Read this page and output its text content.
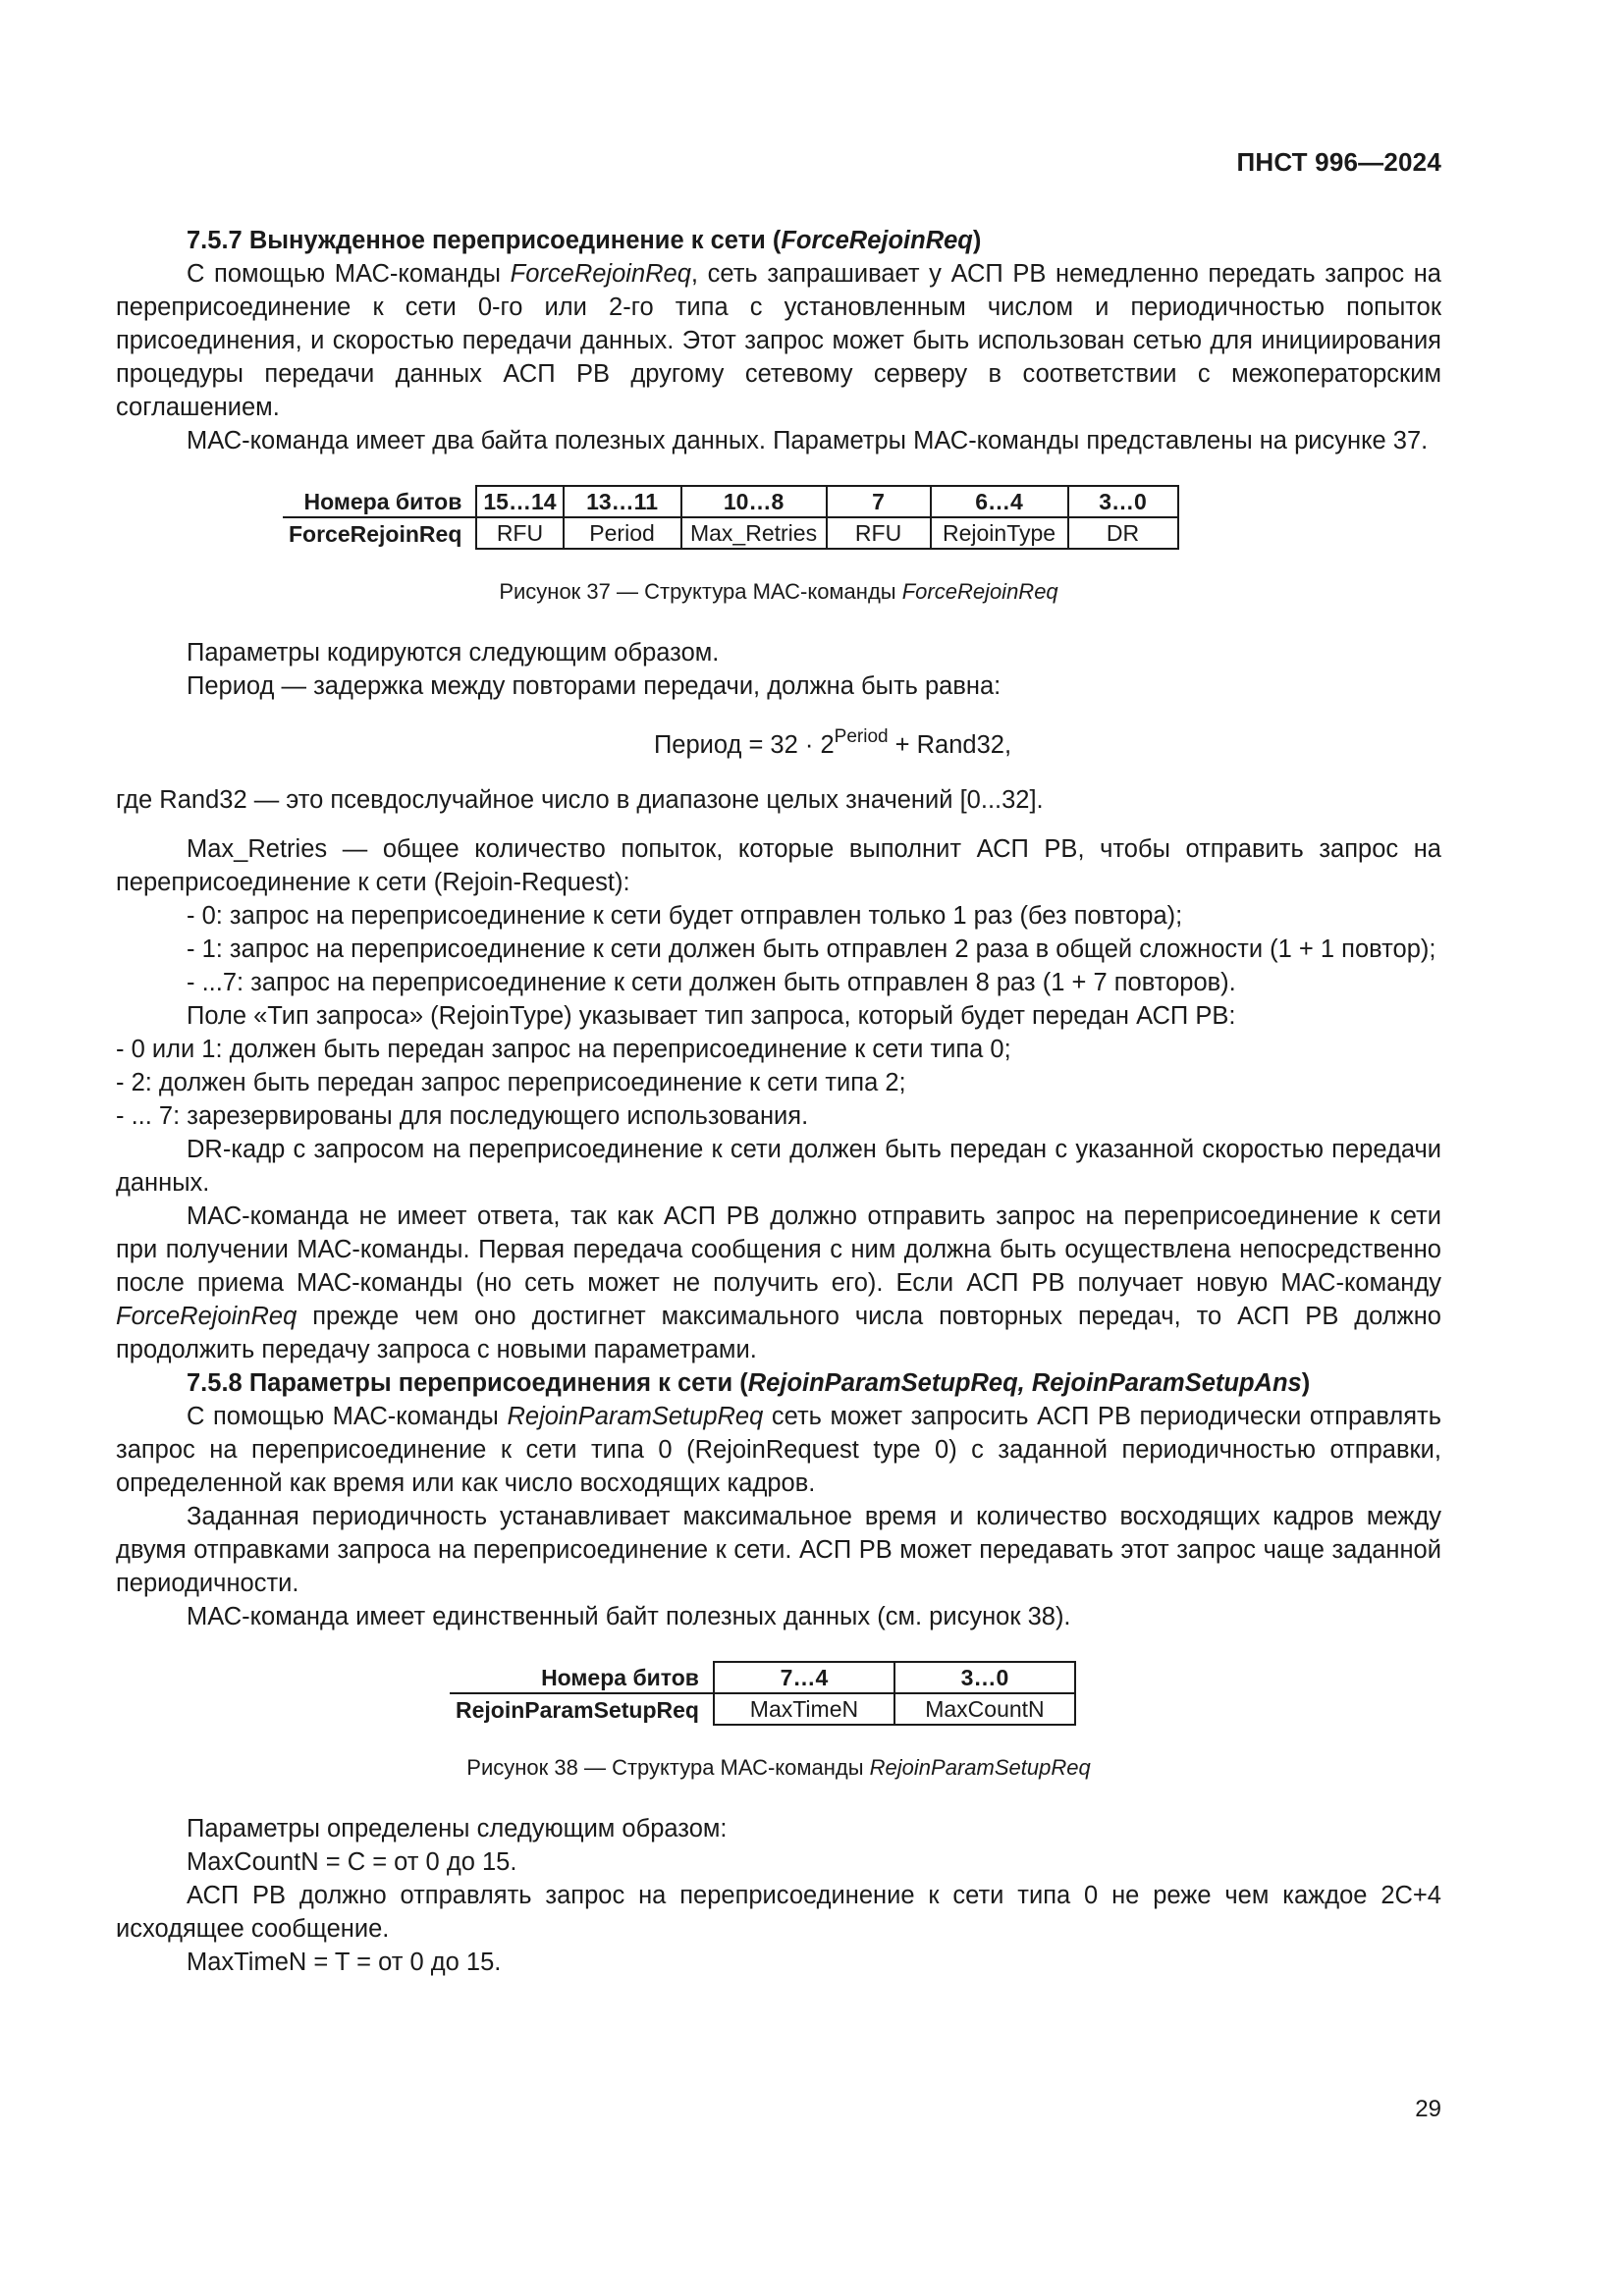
ПНСТ 996—2024

7.5.7 Вынужденное переприсоединение к сети (ForceRejoinReq)

С помощью МАС-команды ForceRejoinReq, сеть запрашивает у АСП РВ немедленно передать запрос на переприсоединение к сети 0-го или 2-го типа с установленным числом и периодичностью попыток присоединения, и скоростью передачи данных. Этот запрос может быть использован сетью для инициирования процедуры передачи данных АСП РВ другому сетевому серверу в соответствии с межоператорским соглашением.

МАС-команда имеет два байта полезных данных. Параметры МАС-команды представлены на рисунке 37.

Номера битов	15…14	13…11	10…8	7	6…4	3…0
ForceRejoinReq	RFU	Period	Max_Retries	RFU	RejoinType	DR
Рисунок 37 — Структура МАС-команды ForceRejoinReq

Параметры кодируются следующим образом.

Период — задержка между повторами передачи, должна быть равна:

Период = $32 \cdot 2^{Period}$ + Rand32,

где Rand32 — это псевдослучайное число в диапазоне целых значений [0...32].

Max_Retries — общее количество попыток, которые выполнит АСП РВ, чтобы отправить запрос на переприсоединение к сети (Rejoin-Request):

- 0: запрос на переприсоединение к сети будет отправлен только 1 раз (без повтора);

- 1: запрос на переприсоединение к сети должен быть отправлен 2 раза в общей сложности (1 + 1 повтор);

- ...7: запрос на переприсоединение к сети должен быть отправлен 8 раз (1 + 7 повторов).

Поле «Тип запроса» (RejoinType) указывает тип запроса, который будет передан АСП РВ:

- 0 или 1: должен быть передан запрос на переприсоединение к сети типа 0;

- 2: должен быть передан запрос переприсоединение к сети типа 2;

- ... 7: зарезервированы для последующего использования.

DR-кадр с запросом на переприсоединение к сети должен быть передан с указанной скоростью передачи данных.

МАС-команда не имеет ответа, так как АСП РВ должно отправить запрос на переприсоединение к сети при получении МАС-команды. Первая передача сообщения с ним должна быть осуществлена непосредственно после приема МАС-команды (но сеть может не получить его). Если АСП РВ получает новую МАС-команду ForceRejoinReq прежде чем оно достигнет максимального числа повторных передач, то АСП РВ должно продолжить передачу запроса с новыми параметрами.

7.5.8 Параметры переприсоединения к сети (RejoinParamSetupReq, RejoinParamSetupAns)

С помощью МАС-команды RejoinParamSetupReq сеть может запросить АСП РВ периодически отправлять запрос на переприсоединение к сети типа 0 (RejoinRequest type 0) с заданной периодичностью отправки, определенной как время или как число восходящих кадров.

Заданная периодичность устанавливает максимальное время и количество восходящих кадров между двумя отправками запроса на переприсоединение к сети. АСП РВ может передавать этот запрос чаще заданной периодичности.

МАС-команда имеет единственный байт полезных данных (см. рисунок 38).

Номера битов	7…4	3…0
RejoinParamSetupReq	MaxTimeN	MaxCountN
Рисунок 38 — Структура МАС-команды RejoinParamSetupReq

Параметры определены следующим образом:

MaxCountN = C = от 0 до 15.

АСП РВ должно отправлять запрос на переприсоединение к сети типа 0 не реже чем каждое 2C+4 исходящее сообщение.

MaxTimeN = T = от 0 до 15.

29
